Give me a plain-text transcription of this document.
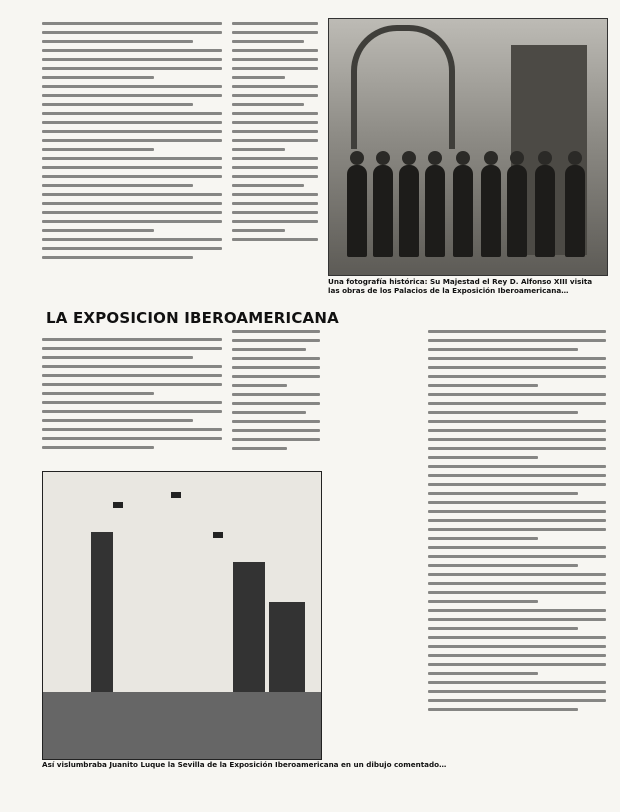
Una fotografía histórica: Su Majestad el Rey D. Alfonso XIII visita las obras de los Palacios de la Exposición Iberoamericana…
LA EXPOSICION IBEROAMERICANA
Así vislumbraba Juanito Luque la Sevilla de la Exposición Iberoamericana en un dibujo comentado…
